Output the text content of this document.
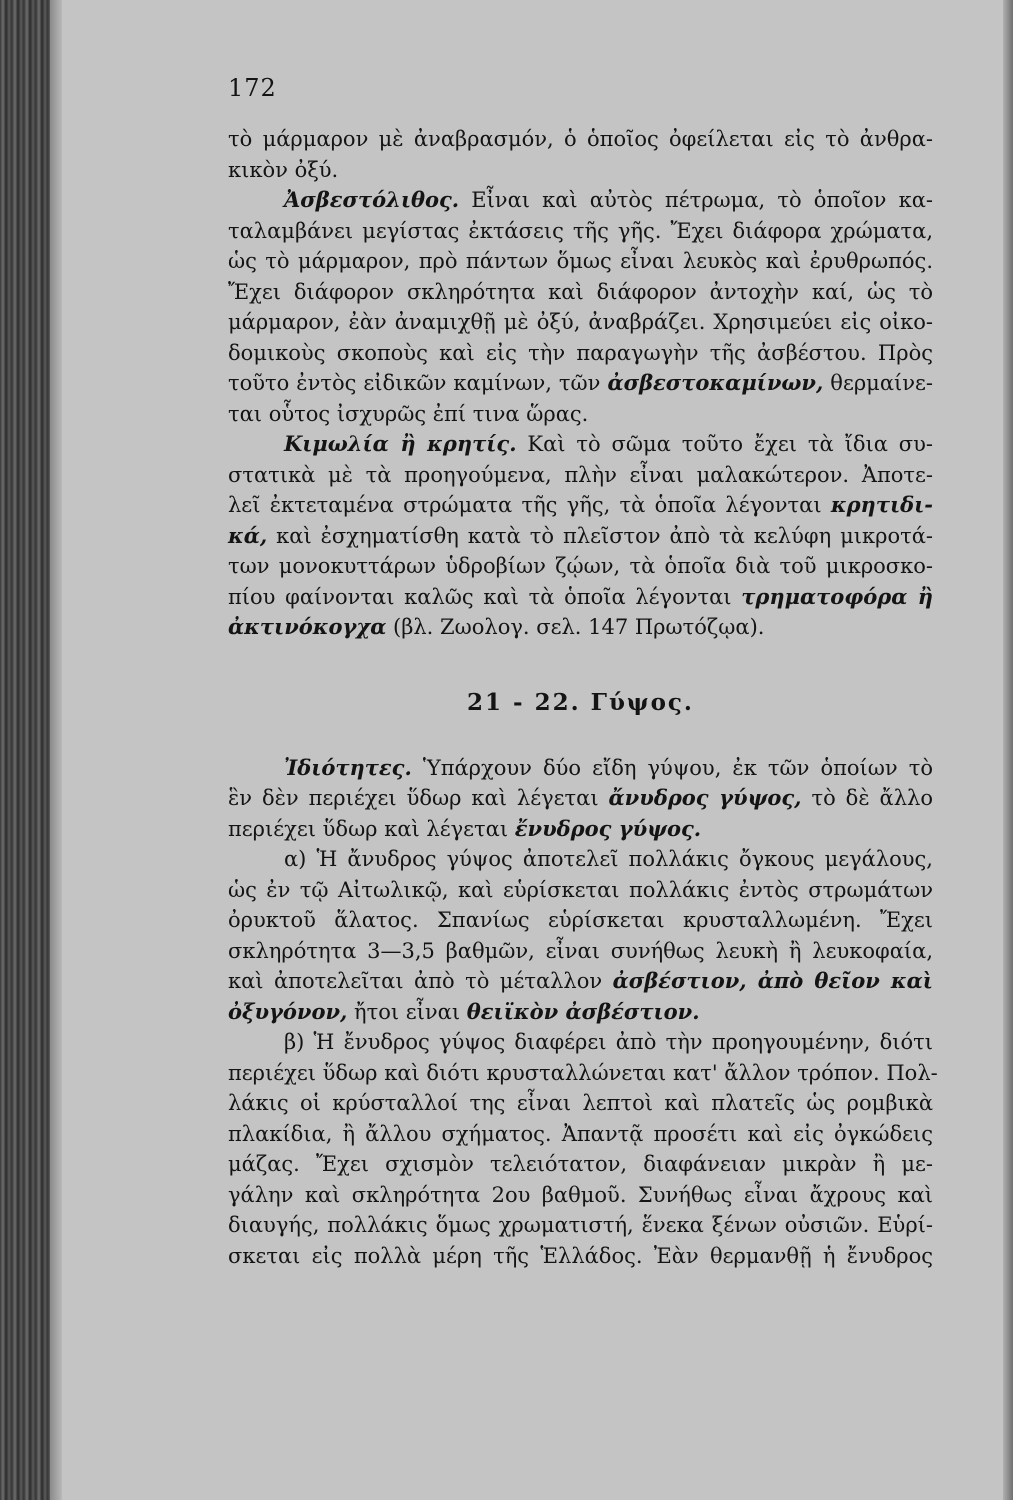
172
τὸ μάρμαρον μὲ ἀναβρασμόν, ὁ ὁποῖος ὀφείλεται εἰς τὸ ἀνθρα-
κικὸν ὀξύ.
Ἀσβεστόλιθος. Εἶναι καὶ αὐτὸς πέτρωμα, τὸ ὁποῖον κα-
ταλαμβάνει μεγίστας ἐκτάσεις τῆς γῆς. Ἔχει διάφορα χρώματα,
ὡς τὸ μάρμαρον, πρὸ πάντων ὅμως εἶναι λευκὸς καὶ ἐρυθρωπός.
Ἔχει διάφορον σκληρότητα καὶ διάφορον ἀντοχὴν καί, ὡς τὸ
μάρμαρον, ἐὰν ἀναμιχθῇ μὲ ὀξύ, ἀναβράζει. Χρησιμεύει εἰς οἰκο-
δομικοὺς σκοποὺς καὶ εἰς τὴν παραγωγὴν τῆς ἀσβέστου. Πρὸς
τοῦτο ἐντὸς εἰδικῶν καμίνων, τῶν ἀσβεστοκαμίνων, θερμαίνε-
ται οὗτος ἰσχυρῶς ἐπί τινα ὥρας.
Κιμωλία ἢ κρητίς. Καὶ τὸ σῶμα τοῦτο ἔχει τὰ ἴδια συ-
στατικὰ μὲ τὰ προηγούμενα, πλὴν εἶναι μαλακώτερον. Ἀποτε-
λεῖ ἐκτεταμένα στρώματα τῆς γῆς, τὰ ὁποῖα λέγονται κρητιδι-
κά, καὶ ἐσχηματίσθη κατὰ τὸ πλεῖστον ἀπὸ τὰ κελύφη μικροτά-
των μονοκυττάρων ὑδροβίων ζῴων, τὰ ὁποῖα διὰ τοῦ μικροσκο-
πίου φαίνονται καλῶς καὶ τὰ ὁποῖα λέγονται τρηματοφόρα ἢ
ἀκτινόκογχα (βλ. Ζωολογ. σελ. 147 Πρωτόζῳα).
21 - 22. Γύψος.
Ἰδιότητες. Ὑπάρχουν δύο εἴδη γύψου, ἐκ τῶν ὁποίων τὸ
ἓν δὲν περιέχει ὕδωρ καὶ λέγεται ἄνυδρος γύψος, τὸ δὲ ἄλλο
περιέχει ὕδωρ καὶ λέγεται ἔνυδρος γύψος.
α) Ἡ ἄνυδρος γύψος ἀποτελεῖ πολλάκις ὄγκους μεγάλους,
ὡς ἐν τῷ Αἰτωλικῷ, καὶ εὑρίσκεται πολλάκις ἐντὸς στρωμάτων
ὀρυκτοῦ ἅλατος. Σπανίως εὑρίσκεται κρυσταλλωμένη. Ἔχει
σκληρότητα 3—3,5 βαθμῶν, εἶναι συνήθως λευκὴ ἢ λευκοφαία,
καὶ ἀποτελεῖται ἀπὸ τὸ μέταλλον ἀσβέστιον, ἀπὸ θεῖον καὶ
ὀξυγόνον, ἤτοι εἶναι θειϊκὸν ἀσβέστιον.
β) Ἡ ἔνυδρος γύψος διαφέρει ἀπὸ τὴν προηγουμένην, διότι
περιέχει ὕδωρ καὶ διότι κρυσταλλώνεται κατ' ἄλλον τρόπον. Πολ-
λάκις οἱ κρύσταλλοί της εἶναι λεπτοὶ καὶ πλατεῖς ὡς ρομβικὰ
πλακίδια, ἢ ἄλλου σχήματος. Ἀπαντᾷ προσέτι καὶ εἰς ὀγκώδεις
μάζας. Ἔχει σχισμὸν τελειότατον, διαφάνειαν μικρὰν ἢ με-
γάλην καὶ σκληρότητα 2ου βαθμοῦ. Συνήθως εἶναι ἄχρους καὶ
διαυγής, πολλάκις ὅμως χρωματιστή, ἕνεκα ξένων οὐσιῶν. Εὑρί-
σκεται εἰς πολλὰ μέρη τῆς Ἑλλάδος. Ἐὰν θερμανθῇ ἡ ἔνυδρος
